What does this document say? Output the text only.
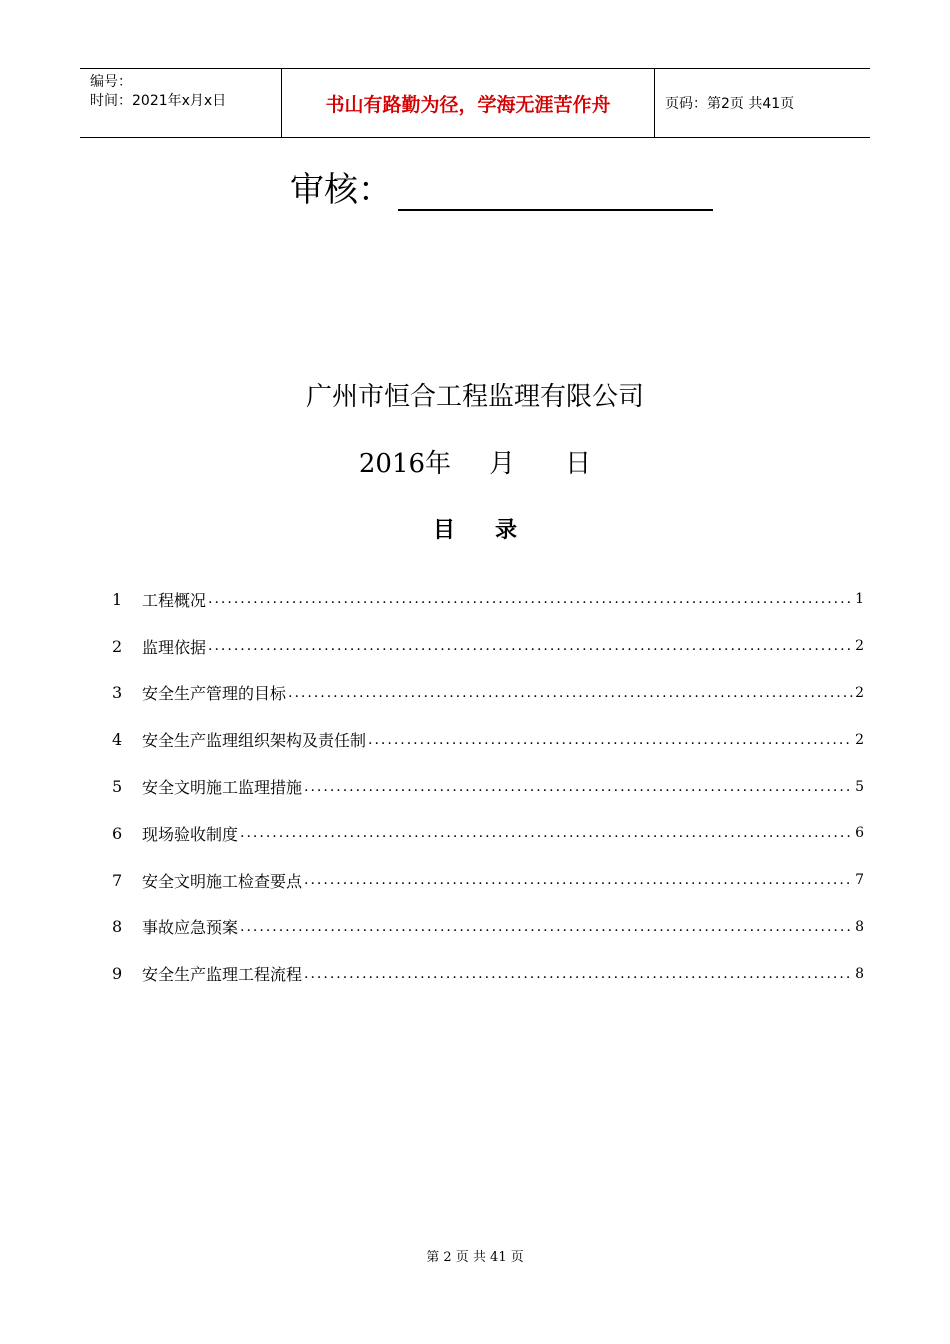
编号：
时间：2021年x月x日	书山有路勤为径，学海无涯苦作舟	页码：第2页 共41页
审核：
广州市恒合工程监理有限公司
2016年 月 日
目录
1	工程概况 .....	1
2	监理依据 .....	2
3	安全生产管理的目标 .....	2
4	安全生产监理组织架构及责任制 .....	2
5	安全文明施工监理措施 .....	5
6	现场验收制度 .....	6
7	安全文明施工检查要点 .....	7
8	事故应急预案 .....	8
9	安全生产监理工程流程 .....	8
第 2 页 共 41 页
